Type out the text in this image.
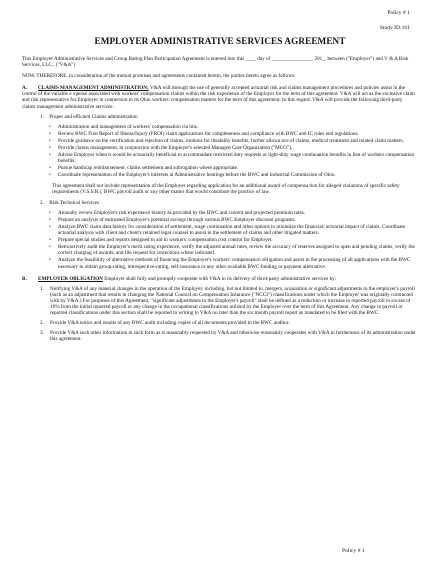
Policy # 1
Study ID:101
EMPLOYER ADMINISTRATIVE SERVICES AGREEMENT

This Employer Administrative Services and Group Rating Plan Participation Agreement is entered into this ____ day of ________________ 201_, between ("Employer") and V & A Risk Services, LLC., ("V&A")

NOW, THEREFORE, in consideration of the mutual promises and agreements contained herein, the parties hereto agree as follows:

A. CLAIMS MANAGEMENT ADMINISTRATION: V&A will through the use of generally accepted actuarial risk and claims management procedures and policies assist in the control of the variable e xpense associated with workers' compensation claims within the risk experience of the Employer for the term of this agreement. V&A will act as the exclusive claim and risk representative for Employer in connection to its Ohio workers' compensation matters for the term of this agreement. In this regard, V&A will provide the following third-party claims management administrative services:
1. Proper and efficient Claims administration
• Administration and management of workers' compensation cla ims.
• Review BWC First Report of Illness/Injury (FROI) claim applications for completeness and compliance with BWC and IC rules and regulations.
• Provide guidance on the certification and rejection of claims, motions for disability benefits, further allowa nce of claims, medical treatment and related claim matters.
• Provide claims management, in conjunction with the Employer's selected Managed Care Organization ("MCO"),
• Advise Employer when it would be actuarially beneficial to accommodate restricted duty requests or light-duty wage continuation benefits in lieu of workers compensation benefits.
• Pursue handicap reimbursement, claims settlement and subrogation where appropriate.
• Coordinate representation of the Employer's interests at Administrative hearings before the BWC and Industrial Commission of Ohio.

This agreement shall not include representation of the Employer regarding application for an additional award of compensa tion for alleged violations of specific safety requirements (V.S.S.R.), BWC payroll audit or any other matter that would constitute the practice of law.

2. Risk Technical Services
• Annually review Employer's risk experience history as provided by the BWC and current and projected premium rates.
• Prepare an analysis of estimated Employer's potential savings through various BWC Employer discount programs.
• Analyze BWC claim data history for consideration of settlement, wage continuation and other options to minimize the financial/ actuarial impact of claims. Coordinate actuarial analysis with client and client's retained legal counsel to assist in the settlement of claims and other litigated matters.
• Prepare special studies and reports designed to aid in workers' compensation cost control for Employer.
• Retroactively audit the Employer's merit rating experience, verify the adjusted annual rates, review the accuracy of reserves assigned to open and pending claims, verify the correct charging of awards, and file request for corrections where indicated.
• Analyze the feasibility of alternative methods of financing the Employer's workers' compensation obligation and assist in the processing of all applications with the BWC necessary to obtain group-rating, retrospective-rating, self-insurance or any other available BWC funding or payment alternative.
B. EMPLOYER OBLIGATION Employer shall fully and promptly cooperate with V&A in its delivery of third-party administrative services by:
1.	Notifying V&A of any material changes in the operation of the Employer, including, but not limited to, mergers, acquisition or significant adjustments to the employer's payroll (such as an adjustment that results in changing the National Council on Compensation Insurance ("NCCI") classifications under which the Employer was originally contracted with by V&A.) For purposes of this Agreement, "significant adjustments to the Employer's payroll" shall be defined as a reduction or increase in reported payroll in excess of 10% from the initial reported payroll or any change in the occupational classifications utilized by the Employer over the term of this Agreement. Any change in payroll or reported classifications under this section shall be reported in writing to V&A no later than the six month payroll report as mandated to be filed with the BWC.
2.	Provide V&A notice and results of any BWC audit including copies of all documents provided to the BWC auditor.
3.	Provide V&A such other information in such form as is reasonably requested by V&A and otherwise reasonably cooperates with V&A in furtherance of its administration under this agreement.
Policy # 1
